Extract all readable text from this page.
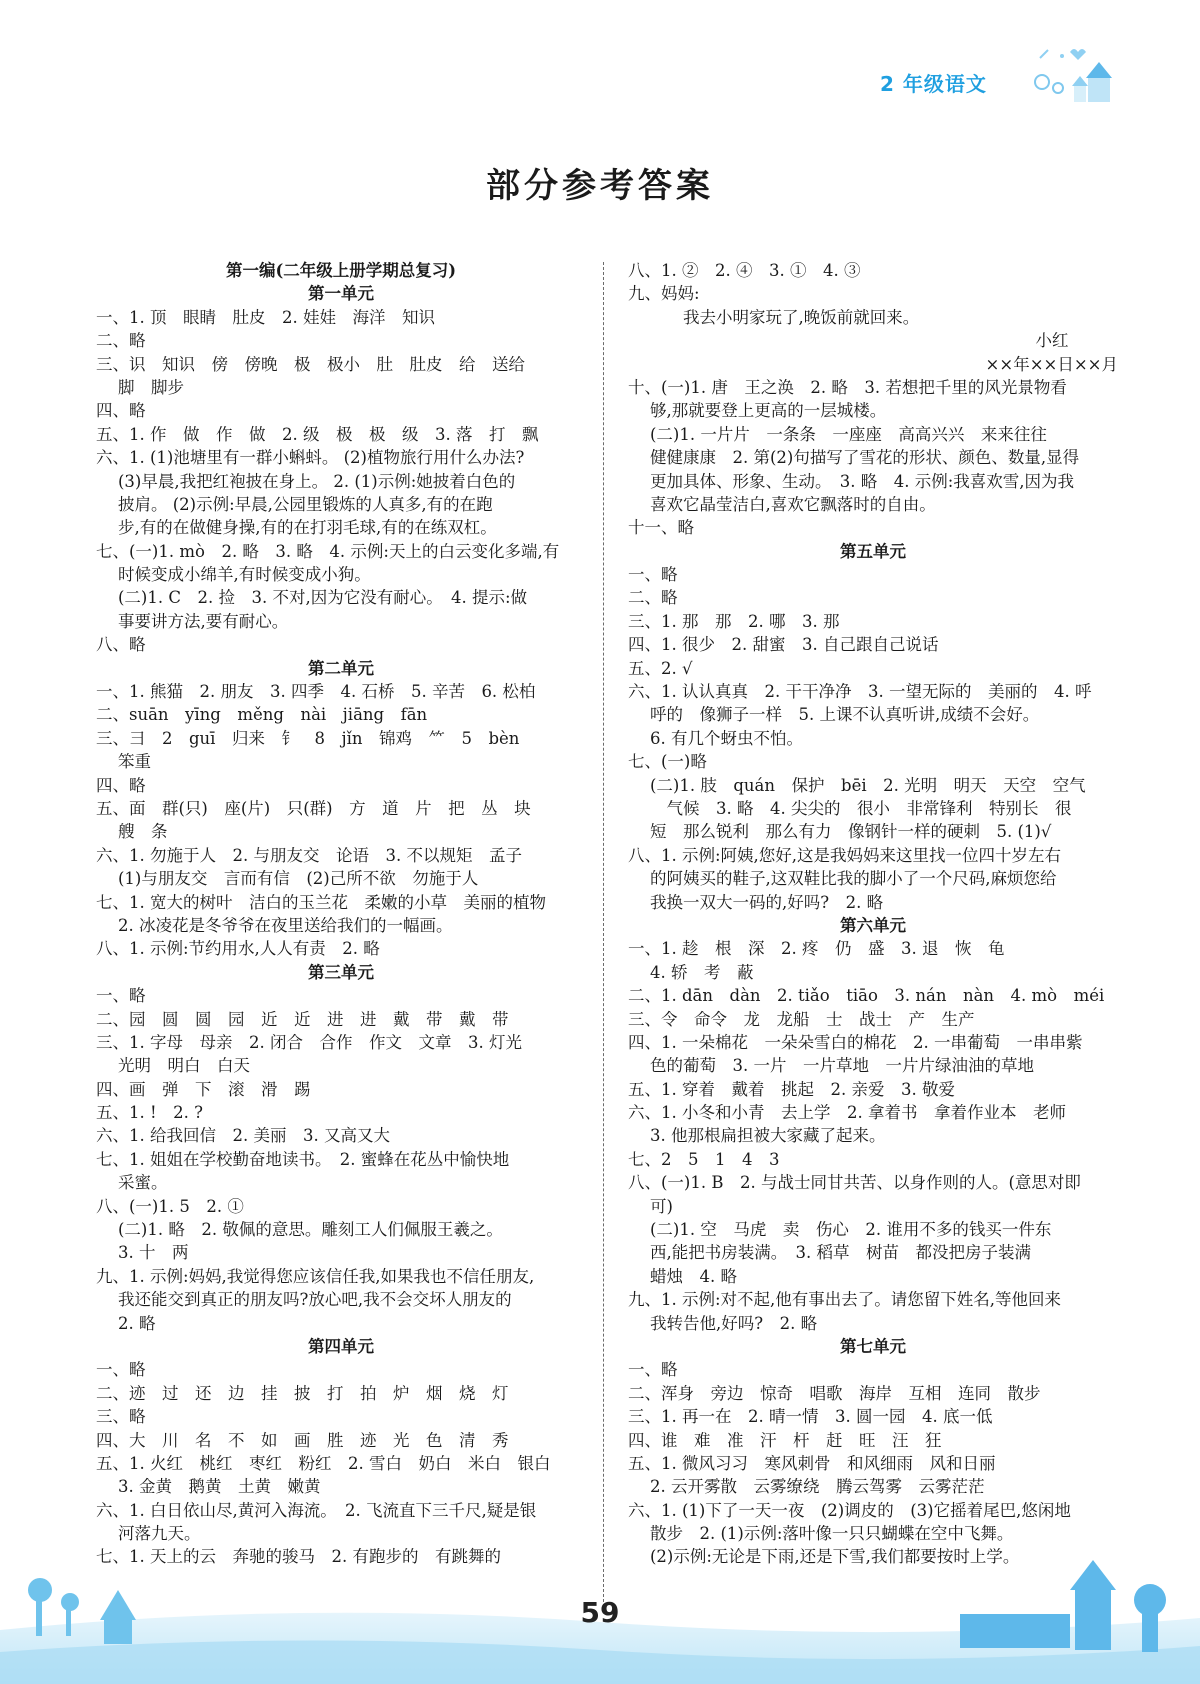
2 年级语文
部分参考答案
第一编(二年级上册学期总复习)
第一单元
一、1. 顶　眼睛　肚皮　2. 娃娃　海洋　知识
二、略
三、识　知识　傍　傍晚　极　极小　肚　肚皮　给　送给
脚　脚步
四、略
五、1. 作　做　作　做　2. 级　极　极　级　3. 落　打　飘
六、1. (1)池塘里有一群小蝌蚪。 (2)植物旅行用什么办法?
(3)早晨,我把红袍披在身上。 2. (1)示例:她披着白色的
披肩。 (2)示例:早晨,公园里锻炼的人真多,有的在跑
步,有的在做健身操,有的在打羽毛球,有的在练双杠。
七、(一)1. mò　2. 略　3. 略　4. 示例:天上的白云变化多端,有
时候变成小绵羊,有时候变成小狗。
(二)1. C　2. 捡　3. 不对,因为它没有耐心。　4. 提示:做
事要讲方法,要有耐心。
八、略
第二单元
一、1. 熊猫　2. 朋友　3. 四季　4. 石桥　5. 辛苦　6. 松柏
二、suān　yīng　měng　nài　jiāng　fān
三、彐　2　guī　归来　钅　8　jǐn　锦鸡　⺮　5　bèn
笨重
四、略
五、面　群(只)　座(片)　只(群)　方　道　片　把　丛　块
艘　条
六、1. 勿施于人　2. 与朋友交　论语　3. 不以规矩　孟子
(1)与朋友交　言而有信　(2)己所不欲　勿施于人
七、1. 宽大的树叶　洁白的玉兰花　柔嫩的小草　美丽的植物
2. 冰凌花是冬爷爷在夜里送给我们的一幅画。
八、1. 示例:节约用水,人人有责　2. 略
第三单元
一、略
二、园　圆　圆　园　近　近　进　进　戴　带　戴　带
三、1. 字母　母亲　2. 闭合　合作　作文　文章　3. 灯光
光明　明白　白天
四、画　弹　下　滚　滑　踢
五、1. !　2. ?
六、1. 给我回信　2. 美丽　3. 又高又大
七、1. 姐姐在学校勤奋地读书。　2. 蜜蜂在花丛中愉快地
采蜜。
八、(一)1. 5　2. ①
(二)1. 略　2. 敬佩的意思。雕刻工人们佩服王羲之。
3. 十　两
九、1. 示例:妈妈,我觉得您应该信任我,如果我也不信任朋友,
我还能交到真正的朋友吗?放心吧,我不会交坏人朋友的
2. 略
第四单元
一、略
二、迹　过　还　边　挂　披　打　拍　炉　烟　烧　灯
三、略
四、大　川　名　不　如　画　胜　迹　光　色　清　秀
五、1. 火红　桃红　枣红　粉红　2. 雪白　奶白　米白　银白
3. 金黄　鹅黄　土黄　嫩黄
六、1. 白日依山尽,黄河入海流。　2. 飞流直下三千尺,疑是银
河落九天。
七、1. 天上的云　奔驰的骏马　2. 有跑步的　有跳舞的
八、1. ②　2. ④　3. ①　4. ③
九、妈妈:
　　我去小明家玩了,晚饭前就回来。
小红　　　
××年××日××月
十、(一)1. 唐　王之涣　2. 略　3. 若想把千里的风光景物看
够,那就要登上更高的一层城楼。
(二)1. 一片片　一条条　一座座　高高兴兴　来来往往
健健康康　2. 第(2)句描写了雪花的形状、颜色、数量,显得
更加具体、形象、生动。　3. 略　4. 示例:我喜欢雪,因为我
喜欢它晶莹洁白,喜欢它飘落时的自由。
十一、略
第五单元
一、略
二、略
三、1. 那　那　2. 哪　3. 那
四、1. 很少　2. 甜蜜　3. 自己跟自己说话
五、2. √
六、1. 认认真真　2. 干干净净　3. 一望无际的　美丽的　4. 呼
呼的　像狮子一样　5. 上课不认真听讲,成绩不会好。
6. 有几个蚜虫不怕。
七、(一)略
(二)1. 肢　quán　保护　bēi　2. 光明　明天　天空　空气
　气候　3. 略　4. 尖尖的　很小　非常锋利　特别长　很
短　那么锐利　那么有力　像钢针一样的硬刺　5. (1)√
八、1. 示例:阿姨,您好,这是我妈妈来这里找一位四十岁左右
的阿姨买的鞋子,这双鞋比我的脚小了一个尺码,麻烦您给
我换一双大一码的,好吗?　2. 略
第六单元
一、1. 趁　根　深　2. 疼　仍　盛　3. 退　恢　龟
4. 轿　考　蔽
二、1. dān　dàn　2. tiǎo　tiāo　3. nán　nàn　4. mò　méi
三、令　命令　龙　龙船　士　战士　产　生产
四、1. 一朵棉花　一朵朵雪白的棉花　2. 一串葡萄　一串串紫
色的葡萄　3. 一片　一片草地　一片片绿油油的草地
五、1. 穿着　戴着　挑起　2. 亲爱　3. 敬爱
六、1. 小冬和小青　去上学　2. 拿着书　拿着作业本　老师
3. 他那根扁担被大家藏了起来。
七、2　5　1　4　3
八、(一)1. B　2. 与战士同甘共苦、以身作则的人。(意思对即
可)
(二)1. 空　马虎　卖　伤心　2. 谁用不多的钱买一件东
西,能把书房装满。　3. 稻草　树苗　都没把房子装满
蜡烛　4. 略
九、1. 示例:对不起,他有事出去了。请您留下姓名,等他回来
我转告他,好吗?　2. 略
第七单元
一、略
二、浑身　旁边　惊奇　唱歌　海岸　互相　连同　散步
三、1. 再一在　2. 晴一情　3. 圆一园　4. 底一低
四、谁　难　准　汗　杆　赶　旺　汪　狂
五、1. 微风习习　寒风刺骨　和风细雨　风和日丽
2. 云开雾散　云雾缭绕　腾云驾雾　云雾茫茫
六、1. (1)下了一天一夜　(2)调皮的　(3)它摇着尾巴,悠闲地
散步　2. (1)示例:落叶像一只只蝴蝶在空中飞舞。
(2)示例:无论是下雨,还是下雪,我们都要按时上学。
59
